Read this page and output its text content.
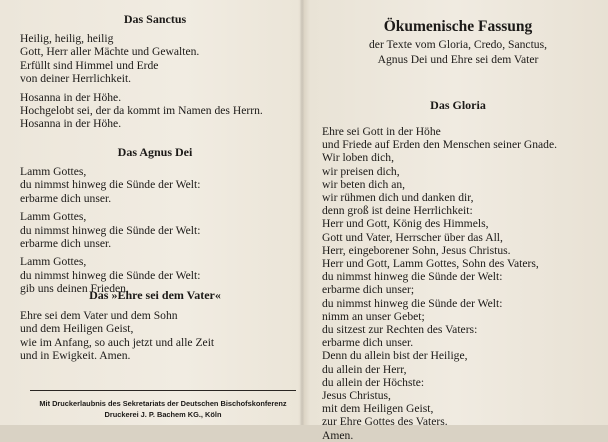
Das Sanctus

Heilig, heilig, heilig

Gott, Herr aller Mächte und Gewalten.

Erfüllt sind Himmel und Erde

von deiner Herrlichkeit.

Hosanna in der Höhe.

Hochgelobt sei, der da kommt im Namen des Herrn.

Hosanna in der Höhe.

Das Agnus Dei

Lamm Gottes,

du nimmst hinweg die Sünde der Welt:

erbarme dich unser.

Lamm Gottes,

du nimmst hinweg die Sünde der Welt:

erbarme dich unser.

Lamm Gottes,

du nimmst hinweg die Sünde der Welt:

gib uns deinen Frieden.

Das »Ehre sei dem Vater«

Ehre sei dem Vater und dem Sohn

und dem Heiligen Geist,

wie im Anfang, so auch jetzt und alle Zeit

und in Ewigkeit. Amen.

Mit Druckerlaubnis des Sekretariats der Deutschen Bischofskonferenz
Druckerei J. P. Bachem KG., Köln

Ökumenische Fassung

der Texte vom Gloria, Credo, Sanctus,

Agnus Dei und Ehre sei dem Vater

Das Gloria

Ehre sei Gott in der Höhe

und Friede auf Erden den Menschen seiner Gnade.

Wir loben dich,

wir preisen dich,

wir beten dich an,

wir rühmen dich und danken dir,

denn groß ist deine Herrlichkeit:

Herr und Gott, König des Himmels,

Gott und Vater, Herrscher über das All,

Herr, eingeborener Sohn, Jesus Christus.

Herr und Gott, Lamm Gottes, Sohn des Vaters,

du nimmst hinweg die Sünde der Welt:

erbarme dich unser;

du nimmst hinweg die Sünde der Welt:

nimm an unser Gebet;

du sitzest zur Rechten des Vaters:

erbarme dich unser.

Denn du allein bist der Heilige,

du allein der Herr,

du allein der Höchste:

Jesus Christus,

mit dem Heiligen Geist,

zur Ehre Gottes des Vaters.

Amen.
